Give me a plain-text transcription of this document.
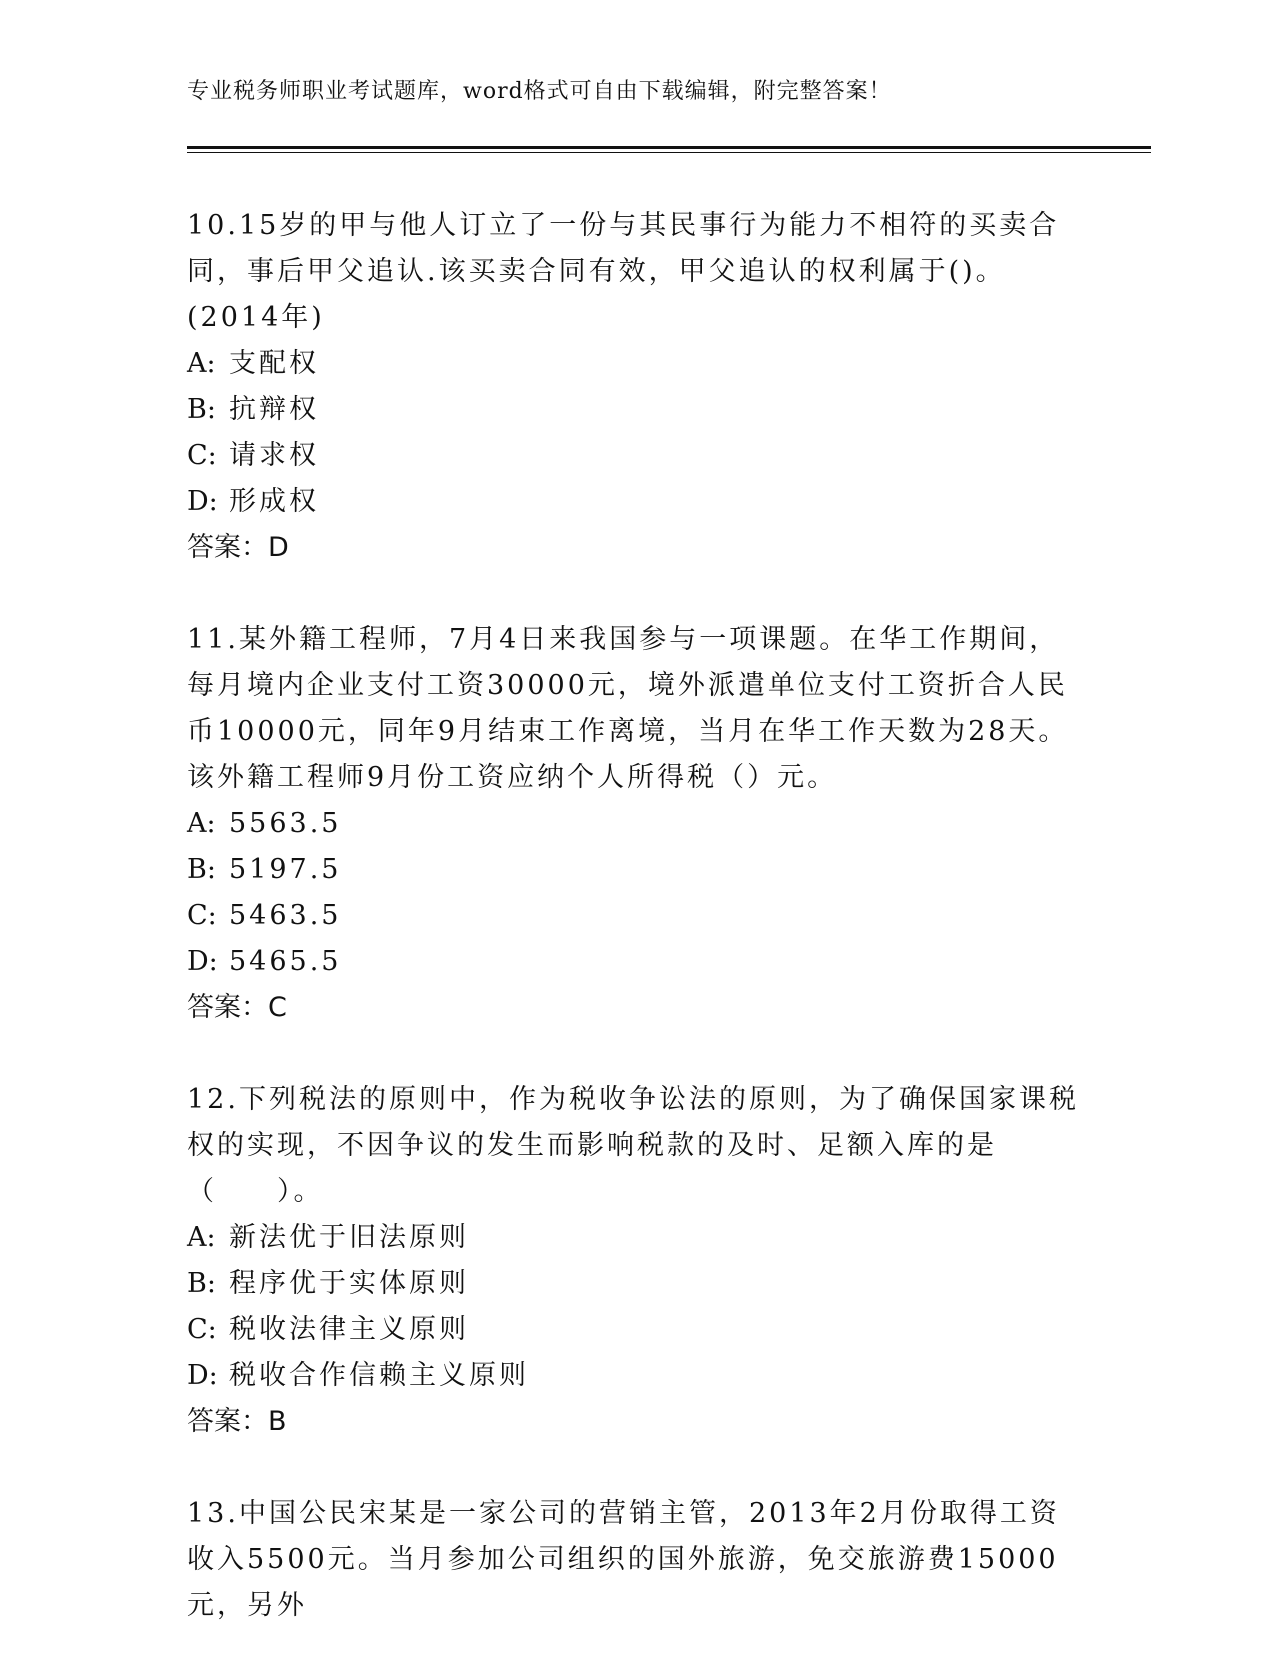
专业税务师职业考试题库，word格式可自由下载编辑，附完整答案！
10.15岁的甲与他人订立了一份与其民事行为能力不相符的买卖合同，事后甲父追认.该买卖合同有效，甲父追认的权利属于()。(2014年)
A: 支配权
B: 抗辩权
C: 请求权
D: 形成权
答案：D
11.某外籍工程师，7月4日来我国参与一项课题。在华工作期间，每月境内企业支付工资30000元，境外派遣单位支付工资折合人民币10000元，同年9月结束工作离境，当月在华工作天数为28天。该外籍工程师9月份工资应纳个人所得税（）元。
A: 5563.5
B: 5197.5
C: 5463.5
D: 5465.5
答案：C
12.下列税法的原则中，作为税收争讼法的原则，为了确保国家课税权的实现，不因争议的发生而影响税款的及时、足额入库的是（　　）。
A: 新法优于旧法原则
B: 程序优于实体原则
C: 税收法律主义原则
D: 税收合作信赖主义原则
答案：B
13.中国公民宋某是一家公司的营销主管，2013年2月份取得工资收入5500元。当月参加公司组织的国外旅游，免交旅游费15000元，另外
